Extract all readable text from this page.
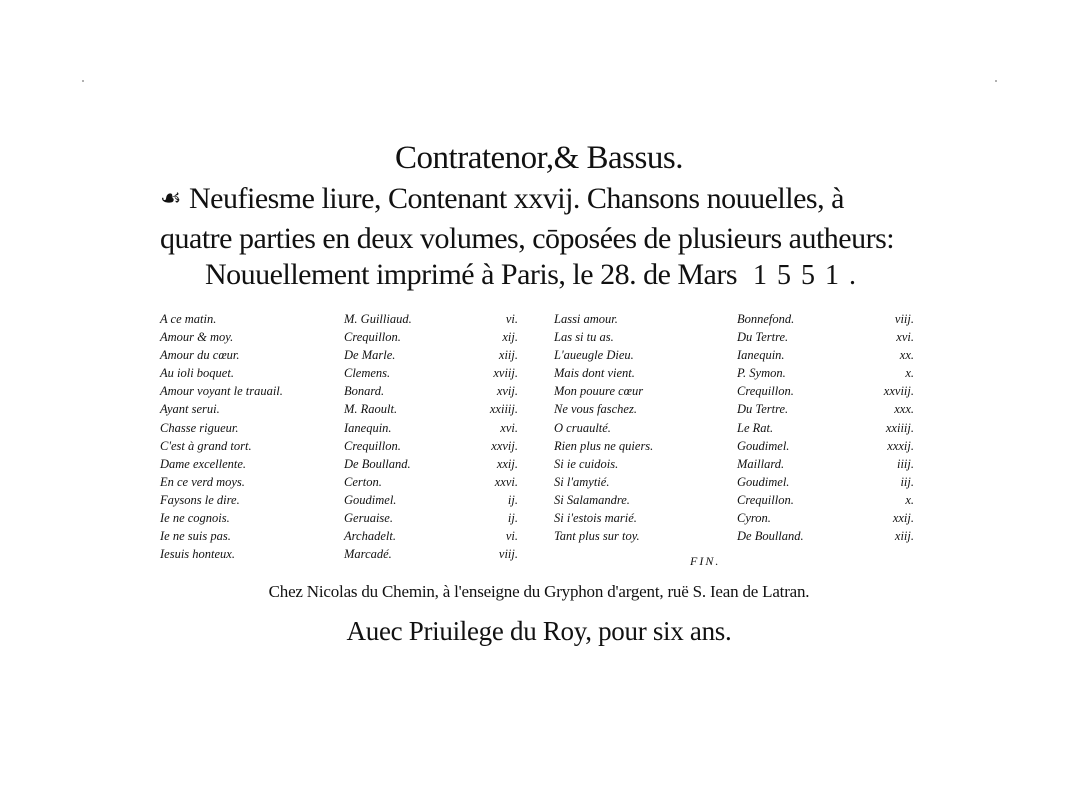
Contratenor,& Bassus.
☙ Neufiesme liure, Contenant xxvij. Chansons nouuelles, à
quatre parties en deux volumes, cōposées de plusieurs autheurs:
Nouuellement imprimé à Paris, le 28. de Mars 1551.
A ce matin.
Amour & moy.
Amour du cœur.
Au ioli boquet.
Amour voyant le trauail.
Ayant serui.
Chasse rigueur.
C'est à grand tort.
Dame excellente.
En ce verd moys.
Faysons le dire.
Ie ne cognois.
Ie ne suis pas.
Iesuis honteux.
M. Guilliaud.
Crequillon.
De Marle.
Clemens.
Bonard.
M. Raoult.
Ianequin.
Crequillon.
De Boulland.
Certon.
Goudimel.
Geruaise.
Archadelt.
Marcadé.
vi.
xij.
xiij.
xviij.
xvij.
xxiiij.
xvi.
xxvij.
xxij.
xxvi.
ij.
ij.
vi.
viij.
Lassi amour.
Las si tu as.
L'aueugle Dieu.
Mais dont vient.
Mon pouure cœur
Ne vous faschez.
O cruaulté.
Rien plus ne quiers.
Si ie cuidois.
Si l'amytié.
Si Salamandre.
Si i'estois marié.
Tant plus sur toy.
Bonnefond.
Du Tertre.
Ianequin.
P. Symon.
Crequillon.
Du Tertre.
Le Rat.
Goudimel.
Maillard.
Goudimel.
Crequillon.
Cyron.
De Boulland.
viij.
xvi.
xx.
x.
xxviij.
xxx.
xxiiij.
xxxij.
iiij.
iij.
x.
xxij.
xiij.
FIN.
Chez Nicolas du Chemin, à l'enseigne du Gryphon d'argent, ruë S. Iean de Latran.
Auec Priuilege du Roy, pour six ans.
